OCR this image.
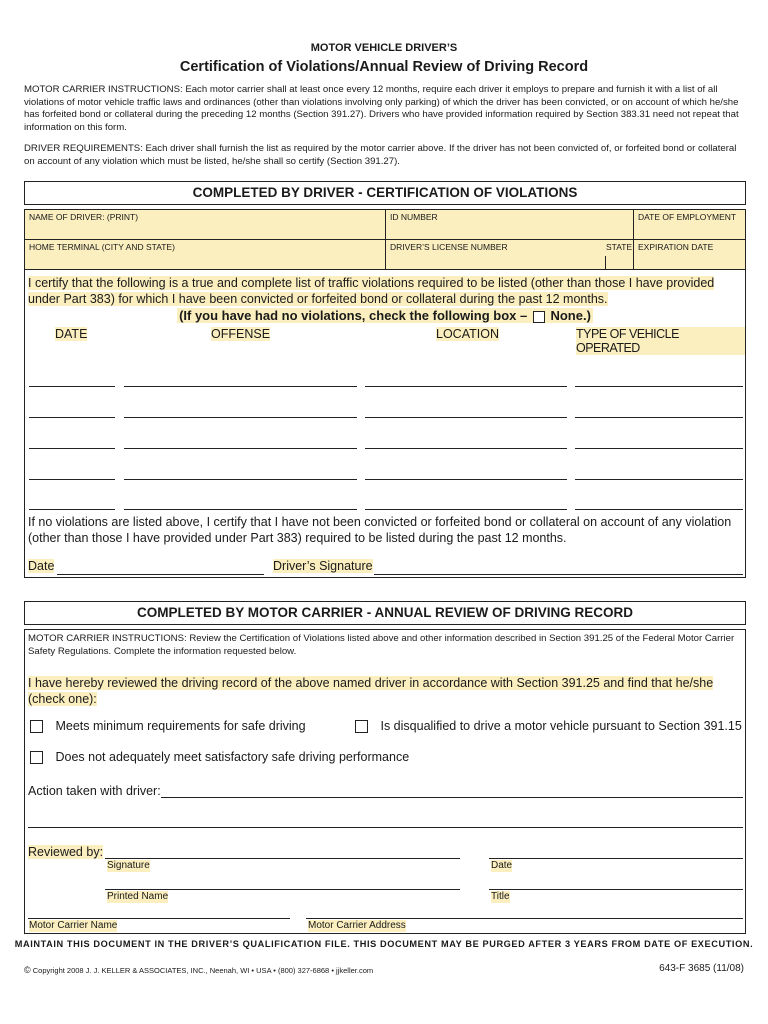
MOTOR VEHICLE DRIVER’S
Certification of Violations/Annual Review of Driving Record
MOTOR CARRIER INSTRUCTIONS: Each motor carrier shall at least once every 12 months, require each driver it employs to prepare and furnish it with a list of all violations of motor vehicle traffic laws and ordinances (other than violations involving only parking) of which the driver has been convicted, or on account of which he/she has forfeited bond or collateral during the preceding 12 months (Section 391.27). Drivers who have provided information required by Section 383.31 need not repeat that information on this form.
DRIVER REQUIREMENTS: Each driver shall furnish the list as required by the motor carrier above. If the driver has not been convicted of, or forfeited bond or collateral on account of any violation which must be listed, he/she shall so certify (Section 391.27).
COMPLETED BY DRIVER - CERTIFICATION OF VIOLATIONS
NAME OF DRIVER: (PRINT)	ID NUMBER	DATE OF EMPLOYMENT
HOME TERMINAL (CITY AND STATE)	DRIVER’S LICENSE NUMBER	STATE EXPIRATION DATE
I certify that the following is a true and complete list of traffic violations required to be listed (other than those I have provided under Part 383) for which I have been convicted or forfeited bond or collateral during the past 12 months.
(If you have had no violations, check the following box – None.)
DATE	OFFENSE	LOCATION	TYPE OF VEHICLE OPERATED
If no violations are listed above, I certify that I have not been convicted or forfeited bond or collateral on account of any violation (other than those I have provided under Part 383) required to be listed during the past 12 months.
Date	Driver’s Signature
COMPLETED BY MOTOR CARRIER - ANNUAL REVIEW OF DRIVING RECORD
MOTOR CARRIER INSTRUCTIONS: Review the Certification of Violations listed above and other information described in Section 391.25 of the Federal Motor Carrier Safety Regulations. Complete the information requested below.
I have hereby reviewed the driving record of the above named driver in accordance with Section 391.25 and find that he/she (check one):
Meets minimum requirements for safe driving	Is disqualified to drive a motor vehicle pursuant to Section 391.15
Does not adequately meet satisfactory safe driving performance
Action taken with driver:
Reviewed by:
Signature	Date
Printed Name	Title
Motor Carrier Name	Motor Carrier Address
MAINTAIN THIS DOCUMENT IN THE DRIVER’S QUALIFICATION FILE. THIS DOCUMENT MAY BE PURGED AFTER 3 YEARS FROM DATE OF EXECUTION.
© Copyright 2008 J. J. KELLER & ASSOCIATES, INC., Neenah, WI • USA • (800) 327-6868 • jjkeller.com	643-F 3685 (11/08)
